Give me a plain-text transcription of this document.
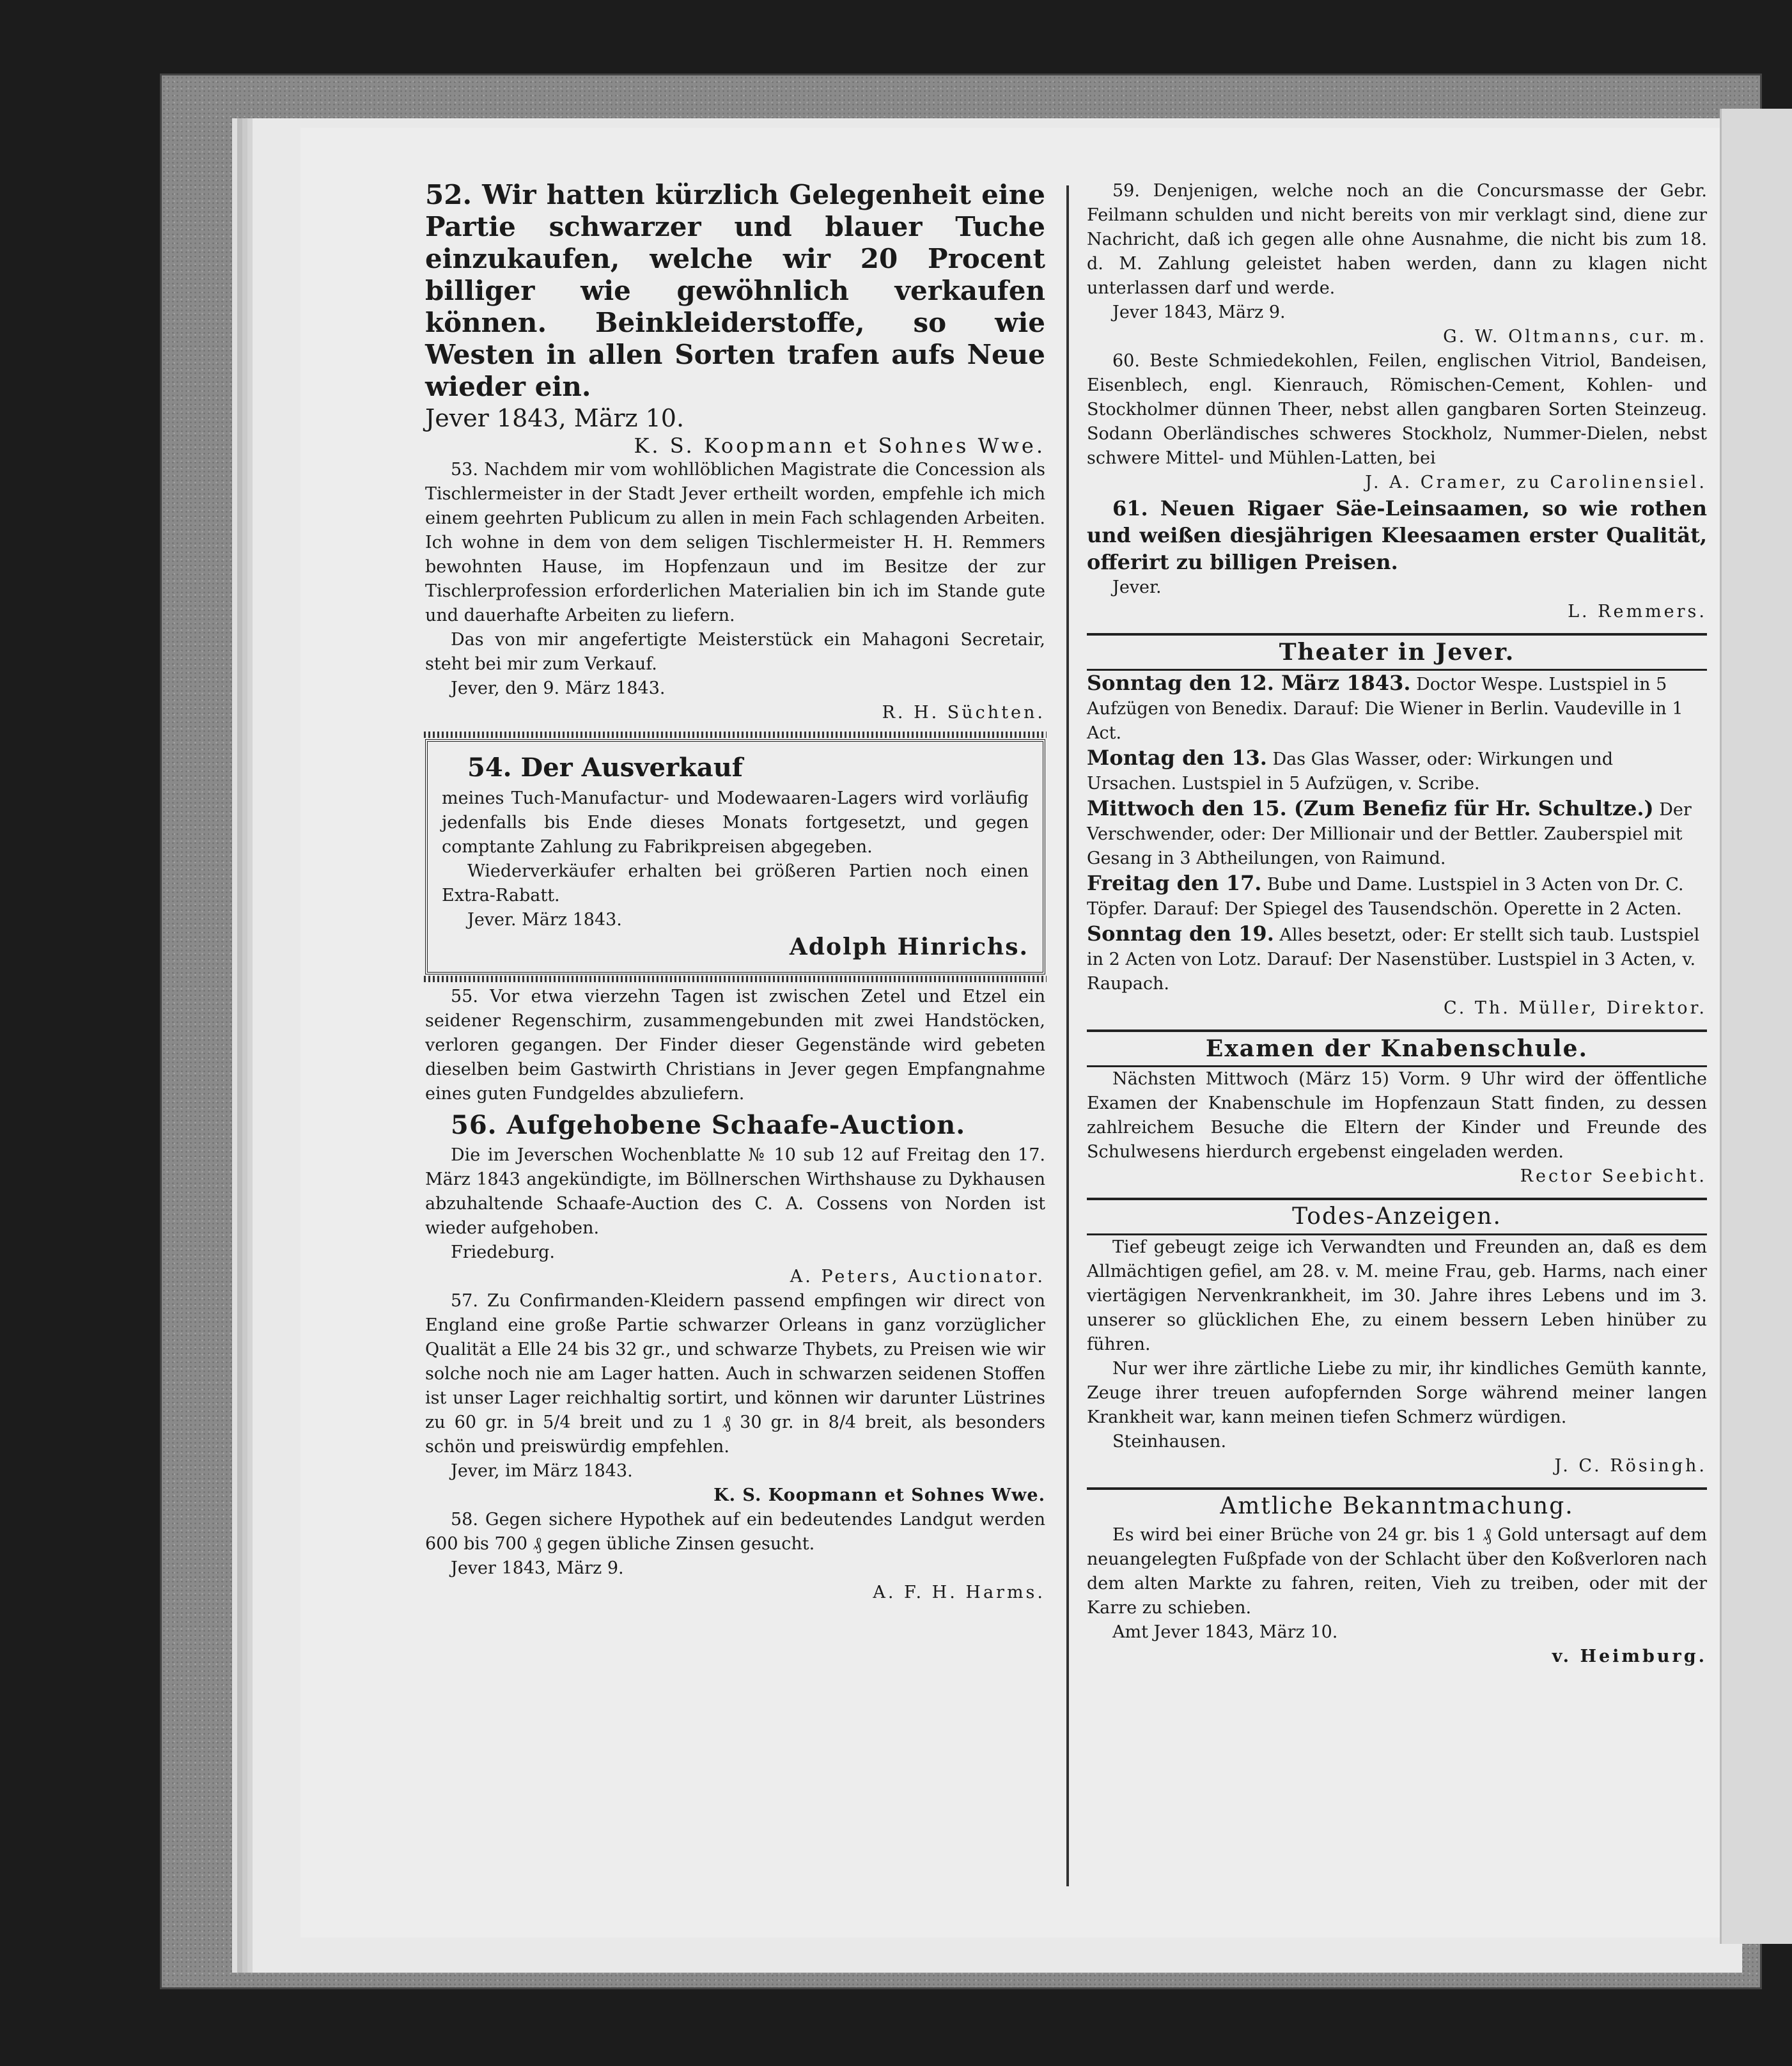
52. Wir hatten kürzlich Gelegenheit eine Partie schwarzer und blauer Tuche einzukaufen, welche wir 20 Procent billiger wie gewöhnlich verkaufen können. Beinkleiderstoffe, so wie Westen in allen Sorten trafen aufs Neue wieder ein.

Jever 1843, März 10.

K. S. Koopmann et Sohnes Wwe.

53. Nachdem mir vom wohllöblichen Magistrate die Concession als Tischlermeister in der Stadt Jever ertheilt worden, empfehle ich mich einem geehrten Publicum zu allen in mein Fach schlagenden Arbeiten. Ich wohne in dem von dem seligen Tischlermeister H. H. Remmers bewohnten Hause, im Hopfenzaun und im Besitze der zur Tischlerprofession erforderlichen Materialien bin ich im Stande gute und dauerhafte Arbeiten zu liefern.

Das von mir angefertigte Meisterstück ein Mahagoni Secretair, steht bei mir zum Verkauf.

Jever, den 9. März 1843.

R. H. Süchten.

54. Der Ausverkauf

meines Tuch-Manufactur- und Modewaaren-Lagers wird vorläufig jedenfalls bis Ende dieses Monats fortgesetzt, und gegen comptante Zahlung zu Fabrikpreisen abgegeben.

Wiederverkäufer erhalten bei größeren Partien noch einen Extra-Rabatt.

Jever. März 1843.

Adolph Hinrichs.

55. Vor etwa vierzehn Tagen ist zwischen Zetel und Etzel ein seidener Regenschirm, zusammengebunden mit zwei Handstöcken, verloren gegangen. Der Finder dieser Gegenstände wird gebeten dieselben beim Gastwirth Christians in Jever gegen Empfangnahme eines guten Fundgeldes abzuliefern.

56. Aufgehobene Schaafe-Auction.

Die im Jeverschen Wochenblatte № 10 sub 12 auf Freitag den 17. März 1843 angekündigte, im Böllnerschen Wirthshause zu Dykhausen abzuhaltende Schaafe-Auction des C. A. Cossens von Norden ist wieder aufgehoben.

Friedeburg.

A. Peters, Auctionator.

57. Zu Confirmanden-Kleidern passend empfingen wir direct von England eine große Partie schwarzer Orleans in ganz vorzüglicher Qualität a Elle 24 bis 32 gr., und schwarze Thybets, zu Preisen wie wir solche noch nie am Lager hatten. Auch in schwarzen seidenen Stoffen ist unser Lager reichhaltig sortirt, und können wir darunter Lüstrines zu 60 gr. in 5/4 breit und zu 1 ₰ 30 gr. in 8/4 breit, als besonders schön und preiswürdig empfehlen.

Jever, im März 1843.

K. S. Koopmann et Sohnes Wwe.

58. Gegen sichere Hypothek auf ein bedeutendes Landgut werden 600 bis 700 ₰ gegen übliche Zinsen gesucht.

Jever 1843, März 9.

A. F. H. Harms.

59. Denjenigen, welche noch an die Concursmasse der Gebr. Feilmann schulden und nicht bereits von mir verklagt sind, diene zur Nachricht, daß ich gegen alle ohne Ausnahme, die nicht bis zum 18. d. M. Zahlung geleistet haben werden, dann zu klagen nicht unterlassen darf und werde.

Jever 1843, März 9.

G. W. Oltmanns, cur. m.

60. Beste Schmiedekohlen, Feilen, englischen Vitriol, Bandeisen, Eisenblech, engl. Kienrauch, Römischen-Cement, Kohlen- und Stockholmer dünnen Theer, nebst allen gangbaren Sorten Steinzeug. Sodann Oberländisches schweres Stockholz, Nummer-Dielen, nebst schwere Mittel- und Mühlen-Latten, bei

J. A. Cramer, zu Carolinensiel.

61. Neuen Rigaer Säe-Leinsaamen, so wie rothen und weißen diesjährigen Kleesaamen erster Qualität, offerirt zu billigen Preisen.

Jever.

L. Remmers.

Theater in Jever.

Sonntag den 12. März 1843. Doctor Wespe. Lustspiel in 5 Aufzügen von Benedix. Darauf: Die Wiener in Berlin. Vaudeville in 1 Act.

Montag den 13. Das Glas Wasser, oder: Wirkungen und Ursachen. Lustspiel in 5 Aufzügen, v. Scribe.

Mittwoch den 15. (Zum Benefiz für Hr. Schultze.) Der Verschwender, oder: Der Millionair und der Bettler. Zauberspiel mit Gesang in 3 Abtheilungen, von Raimund.

Freitag den 17. Bube und Dame. Lustspiel in 3 Acten von Dr. C. Töpfer. Darauf: Der Spiegel des Tausendschön. Operette in 2 Acten.

Sonntag den 19. Alles besetzt, oder: Er stellt sich taub. Lustspiel in 2 Acten von Lotz. Darauf: Der Nasenstüber. Lustspiel in 3 Acten, v. Raupach.

C. Th. Müller, Direktor.

Examen der Knabenschule.

Nächsten Mittwoch (März 15) Vorm. 9 Uhr wird der öffentliche Examen der Knabenschule im Hopfenzaun Statt finden, zu dessen zahlreichem Besuche die Eltern der Kinder und Freunde des Schulwesens hierdurch ergebenst eingeladen werden.

Rector Seebicht.

Todes-Anzeigen.

Tief gebeugt zeige ich Verwandten und Freunden an, daß es dem Allmächtigen gefiel, am 28. v. M. meine Frau, geb. Harms, nach einer viertägigen Nervenkrankheit, im 30. Jahre ihres Lebens und im 3. unserer so glücklichen Ehe, zu einem bessern Leben hinüber zu führen.

Nur wer ihre zärtliche Liebe zu mir, ihr kindliches Gemüth kannte, Zeuge ihrer treuen aufopfernden Sorge während meiner langen Krankheit war, kann meinen tiefen Schmerz würdigen.

Steinhausen.

J. C. Rösingh.

Amtliche Bekanntmachung.

Es wird bei einer Brüche von 24 gr. bis 1 ₰ Gold untersagt auf dem neuangelegten Fußpfade von der Schlacht über den Koßverloren nach dem alten Markte zu fahren, reiten, Vieh zu treiben, oder mit der Karre zu schieben.

Amt Jever 1843, März 10.

v. Heimburg.
